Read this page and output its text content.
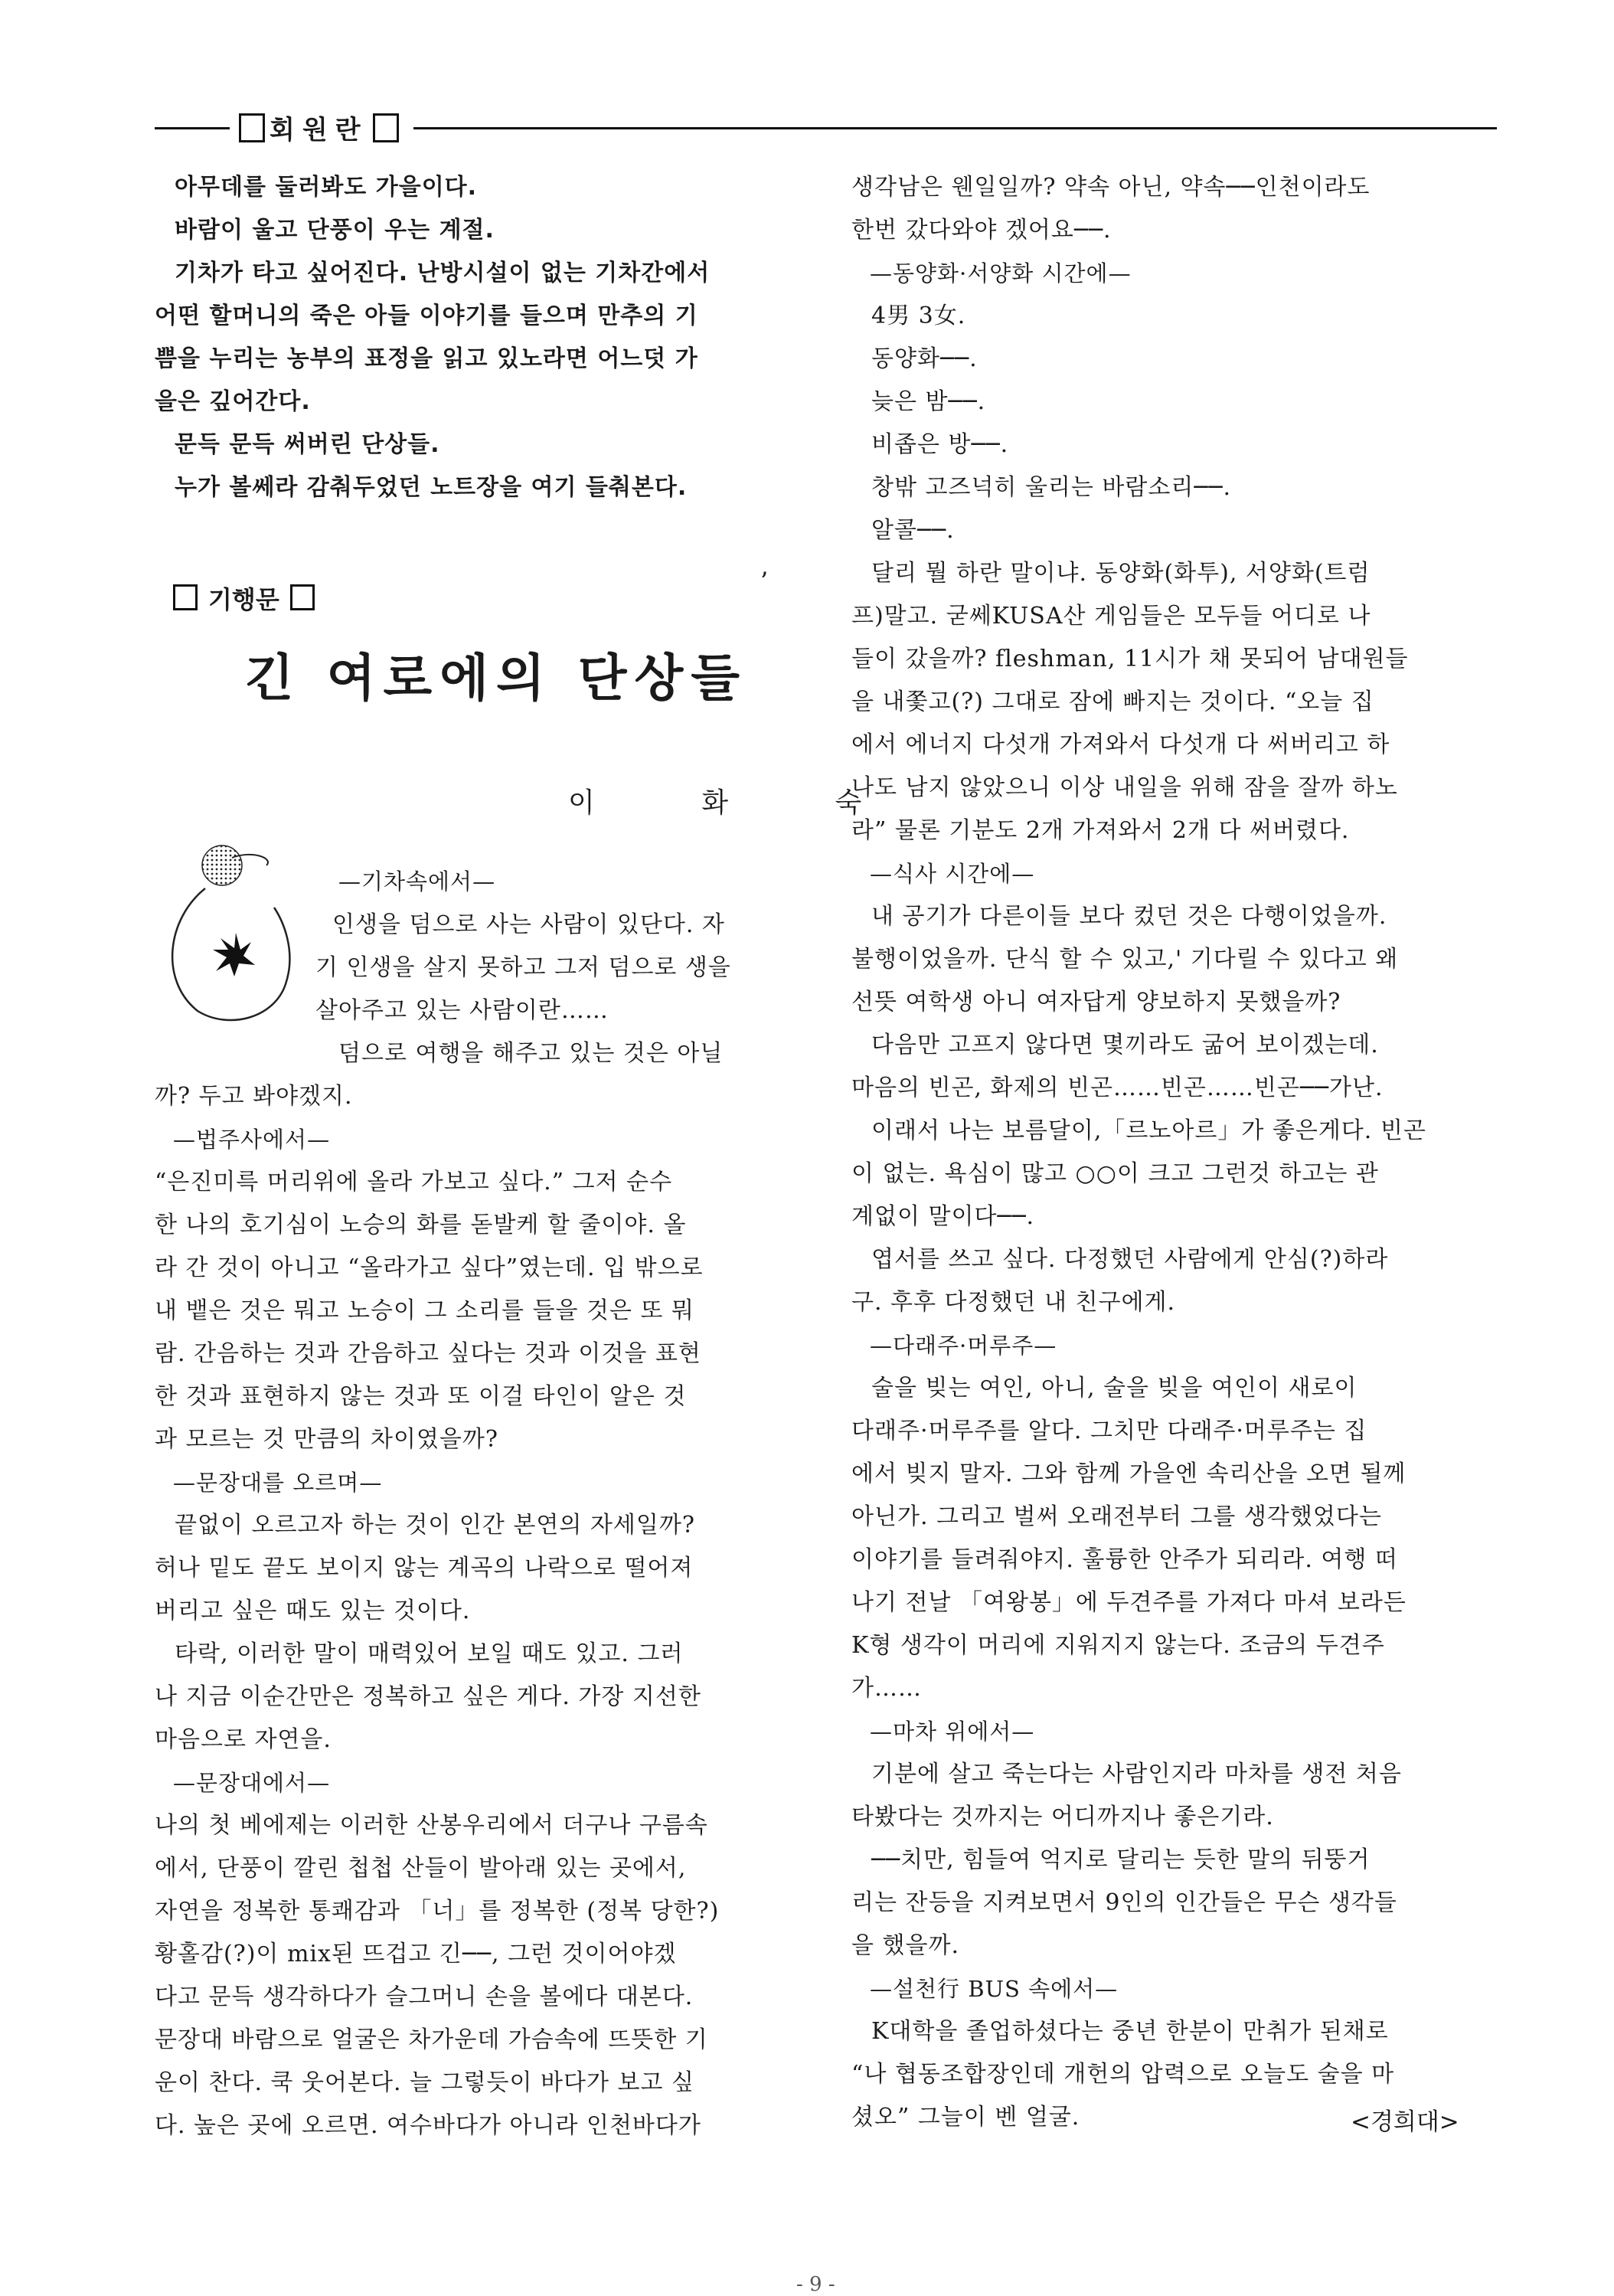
회원란
아무데를 둘러봐도 가을이다.
바람이 울고 단풍이 우는 계절.
기차가 타고 싶어진다. 난방시설이 없는 기차간에서
어떤 할머니의 죽은 아들 이야기를 들으며 만추의 기
쁨을 누리는 농부의 표정을 읽고 있노라면 어느덧 가
을은 깊어간다.
문득 문득 써버린 단상들.
누가 볼쎄라 감춰두었던 노트장을 여기 들춰본다.
기행문
ʼ
긴 여로에의 단상들
이 화 숙
—기차속에서—
인생을 덤으로 사는 사람이 있단다. 자
기 인생을 살지 못하고 그저 덤으로 생을
살아주고 있는 사람이란……
덤으로 여행을 해주고 있는 것은 아닐
까? 두고 봐야겠지.
—법주사에서—
“은진미륵 머리위에 올라 가보고 싶다.” 그저 순수
한 나의 호기심이 노승의 화를 돋발케 할 줄이야. 올
라 간 것이 아니고 “올라가고 싶다”였는데. 입 밖으로
내 뱉은 것은 뭐고 노승이 그 소리를 들을 것은 또 뭐
람. 간음하는 것과 간음하고 싶다는 것과 이것을 표현
한 것과 표현하지 않는 것과 또 이걸 타인이 알은 것
과 모르는 것 만큼의 차이였을까?
—문장대를 오르며—
끝없이 오르고자 하는 것이 인간 본연의 자세일까?
허나 밑도 끝도 보이지 않는 계곡의 나락으로 떨어져
버리고 싶은 때도 있는 것이다.
타락, 이러한 말이 매력있어 보일 때도 있고. 그러
나 지금 이순간만은 정복하고 싶은 게다. 가장 지선한
마음으로 자연을.
—문장대에서—
나의 첫 베에제는 이러한 산봉우리에서 더구나 구름속
에서, 단풍이 깔린 첩첩 산들이 발아래 있는 곳에서,
자연을 정복한 통쾌감과 「너」를 정복한 (정복 당한?)
황홀감(?)이 mix된 뜨겁고 긴──, 그런 것이어야겠
다고 문득 생각하다가 슬그머니 손을 볼에다 대본다.
문장대 바람으로 얼굴은 차가운데 가슴속에 뜨뜻한 기
운이 찬다. 쿡 웃어본다. 늘 그렇듯이 바다가 보고 싶
다. 높은 곳에 오르면. 여수바다가 아니라 인천바다가
생각남은 웬일일까? 약속 아닌, 약속──인천이라도
한번 갔다와야 겠어요──.
—동양화·서양화 시간에—
4男 3女.
동양화──.
늦은 밤──.
비좁은 방──.
창밖 고즈넉히 울리는 바람소리──.
알콜──.
달리 뭘 하란 말이냐. 동양화(화투), 서양화(트럼
프)말고. 굳쎄KUSA산 게임들은 모두들 어디로 나
들이 갔을까? fleshman, 11시가 채 못되어 남대원들
을 내쫓고(?) 그대로 잠에 빠지는 것이다. “오늘 집
에서 에너지 다섯개 가져와서 다섯개 다 써버리고 하
나도 남지 않았으니 이상 내일을 위해 잠을 잘까 하노
라” 물론 기분도 2개 가져와서 2개 다 써버렸다.
—식사 시간에—
내 공기가 다른이들 보다 컸던 것은 다행이었을까.
불행이었을까. 단식 할 수 있고,' 기다릴 수 있다고 왜
선뜻 여학생 아니 여자답게 양보하지 못했을까?
다음만 고프지 않다면 몇끼라도 굶어 보이겠는데.
마음의 빈곤, 화제의 빈곤……빈곤……빈곤──가난.
이래서 나는 보름달이,「르노아르」가 좋은게다. 빈곤
이 없는. 욕심이 많고 ○○이 크고 그런것 하고는 관
계없이 말이다──.
엽서를 쓰고 싶다. 다정했던 사람에게 안심(?)하라
구. 후후 다정했던 내 친구에게.
—다래주·머루주—
술을 빚는 여인, 아니, 술을 빚을 여인이 새로이
다래주·머루주를 알다. 그치만 다래주·머루주는 집
에서 빚지 말자. 그와 함께 가을엔 속리산을 오면 될께
아닌가. 그리고 벌써 오래전부터 그를 생각했었다는
이야기를 들려줘야지. 훌륭한 안주가 되리라. 여행 떠
나기 전날 「여왕봉」에 두견주를 가져다 마셔 보라든
K형 생각이 머리에 지워지지 않는다. 조금의 두견주
가……
—마차 위에서—
기분에 살고 죽는다는 사람인지라 마차를 생전 처음
타봤다는 것까지는 어디까지나 좋은기라.
──치만, 힘들여 억지로 달리는 듯한 말의 뒤뚱거
리는 잔등을 지켜보면서 9인의 인간들은 무슨 생각들
을 했을까.
—설천行 BUS 속에서—
K대학을 졸업하셨다는 중년 한분이 만취가 된채로
“나 협동조합장인데 개헌의 압력으로 오늘도 술을 마
셨오” 그늘이 벤 얼굴.	<경희대>
- 9 -
